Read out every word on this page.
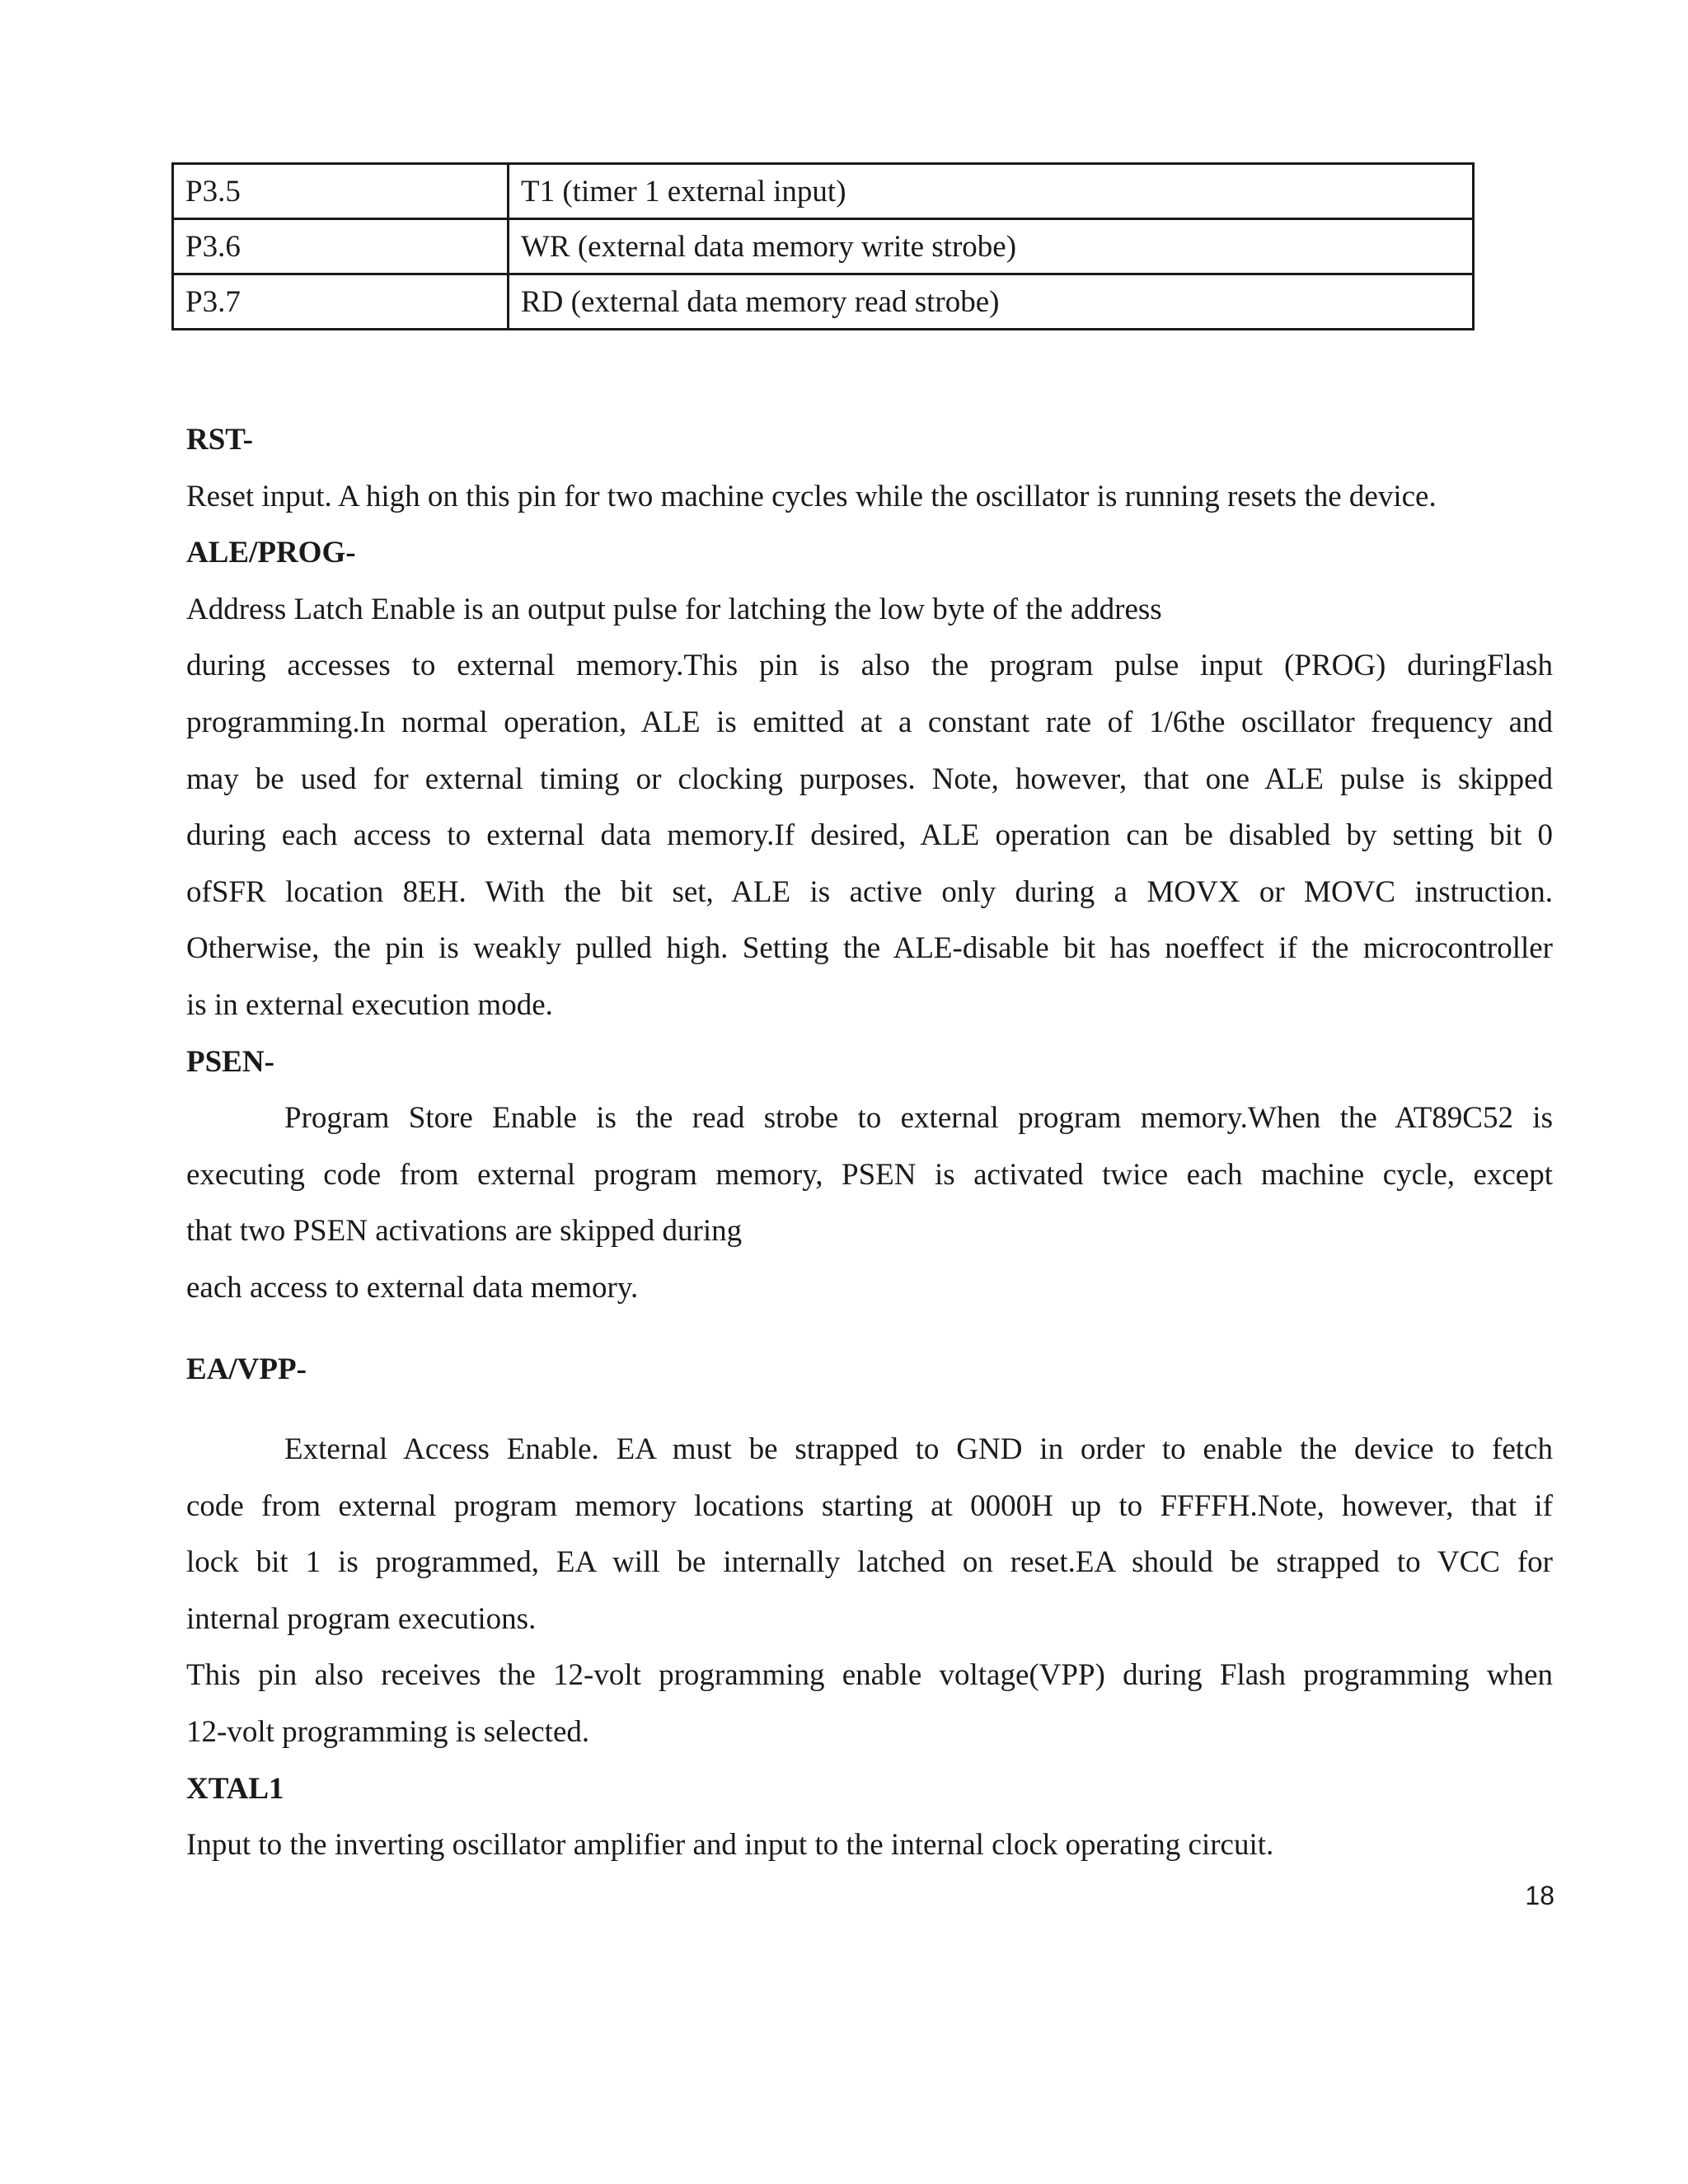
P3.5	T1 (timer 1 external input)
P3.6	WR (external data memory write strobe)
P3.7	RD (external data memory read strobe)
RST-
Reset input. A high on this pin for two machine cycles while the oscillator is running resets the device.
ALE/PROG-
Address Latch Enable is an output pulse for latching the low byte of the address
during accesses to external memory.This pin is also the program pulse input (PROG) duringFlash
programming.In normal operation, ALE is emitted at a constant rate of 1/6the oscillator frequency and
may be used for external timing or clocking purposes. Note, however, that one ALE pulse is skipped
during each access to external data memory.If desired, ALE operation can be disabled by setting bit 0
ofSFR location 8EH. With the bit set, ALE is active only during a MOVX or MOVC instruction.
Otherwise, the pin is weakly pulled high. Setting the ALE-disable bit has noeffect if the microcontroller
is in external execution mode.
PSEN-
Program Store Enable is the read strobe to external program memory.When the AT89C52 is
executing code from external program memory, PSEN is activated twice each machine cycle, except
that two PSEN activations are skipped during
each access to external data memory.
EA/VPP-
External Access Enable. EA must be strapped to GND in order to enable the device to fetch
code from external program memory locations starting at 0000H up to FFFFH.Note, however, that if
lock bit 1 is programmed, EA will be internally latched on reset.EA should be strapped to VCC for
internal program executions.
This pin also receives the 12-volt programming enable voltage(VPP) during Flash programming when
12-volt programming is selected.
XTAL1
Input to the inverting oscillator amplifier and input to the internal clock operating circuit.
18
